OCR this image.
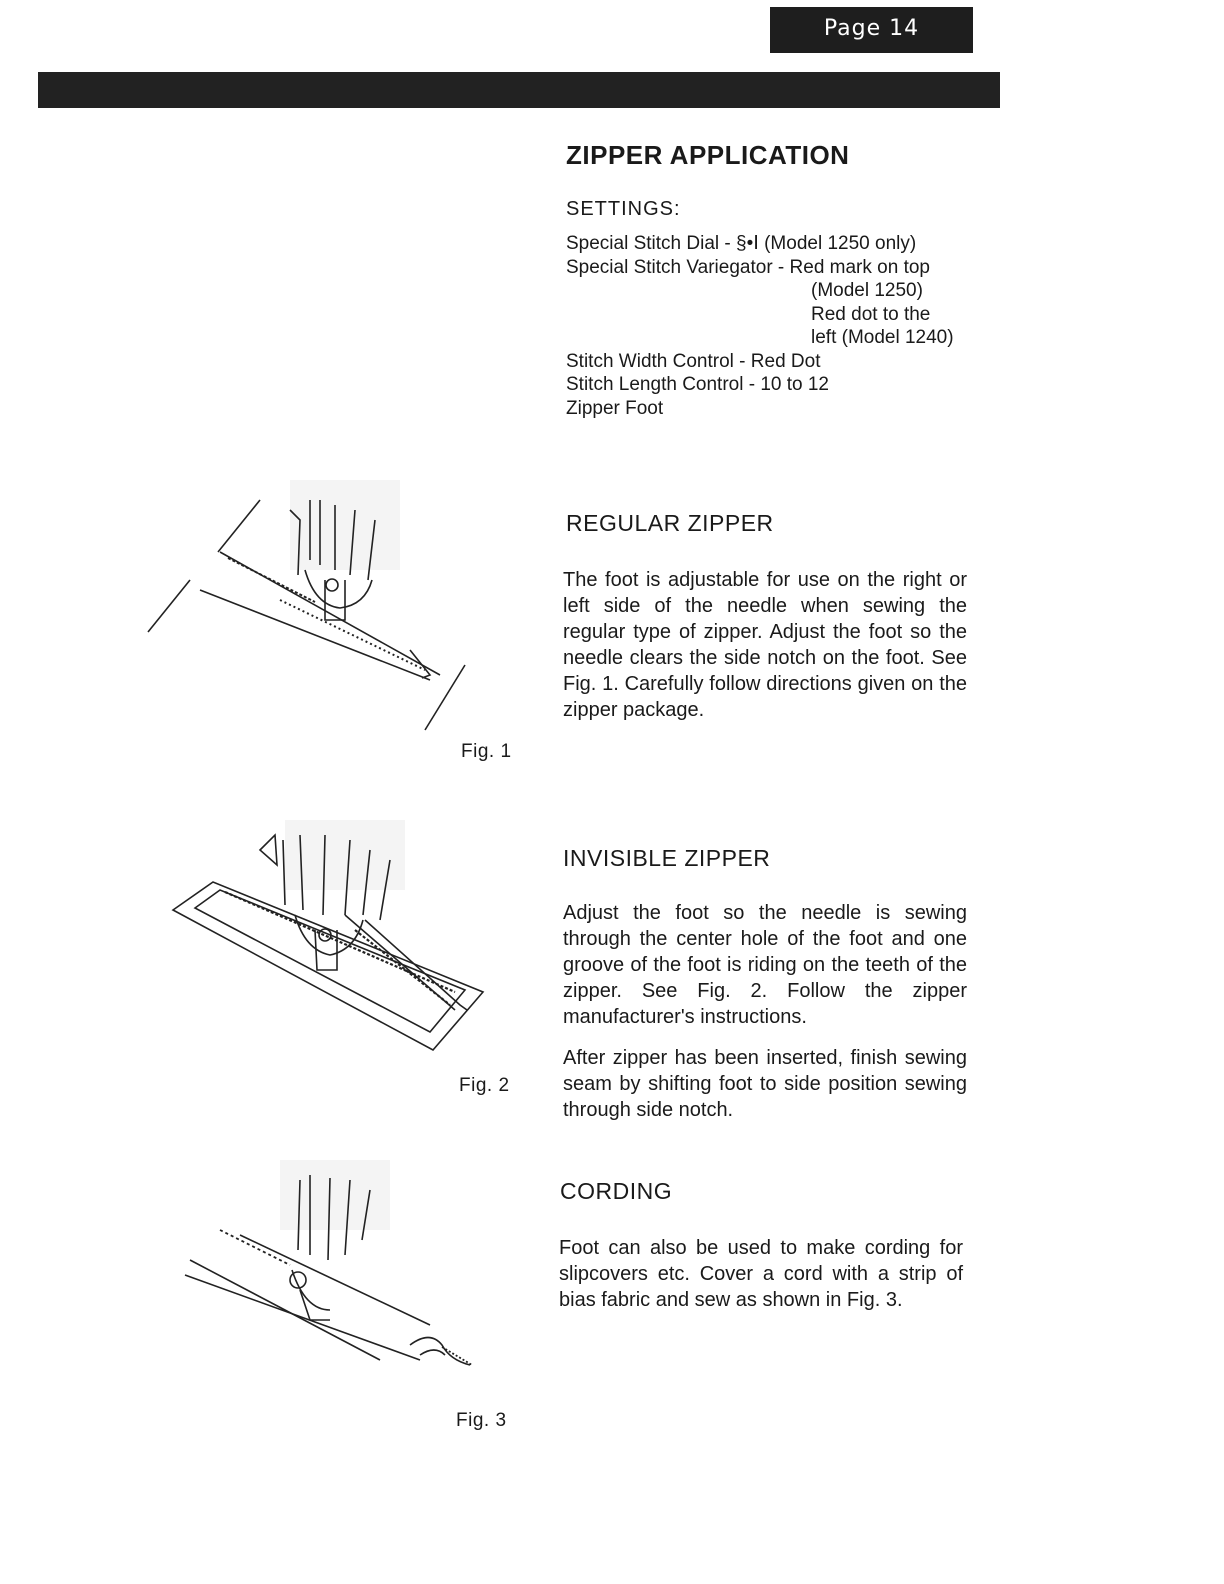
Page 14
ZIPPER APPLICATION
SETTINGS:
Special Stitch Dial - §•ⵏ (Model 1250 only)
Special Stitch Variegator - Red mark on top
(Model 1250)
Red dot to the
left (Model 1240)
Stitch Width Control - Red Dot
Stitch Length Control - 10 to 12
Zipper Foot
REGULAR ZIPPER

The foot is adjustable for use on the right or left side of the needle when sewing the regular type of zipper. Adjust the foot so the needle clears the side notch on the foot. See Fig. 1. Carefully follow directions given on the zipper package.

INVISIBLE ZIPPER

Adjust the foot so the needle is sewing through the center hole of the foot and one groove of the foot is riding on the teeth of the zipper. See Fig. 2. Follow the zipper manufacturer's instructions.

After zipper has been inserted, finish sewing seam by shifting foot to side position sewing through side notch.

CORDING

Foot can also be used to make cording for slipcovers etc. Cover a cord with a strip of bias fabric and sew as shown in Fig. 3.

Fig. 1
Fig. 2
Fig. 3
